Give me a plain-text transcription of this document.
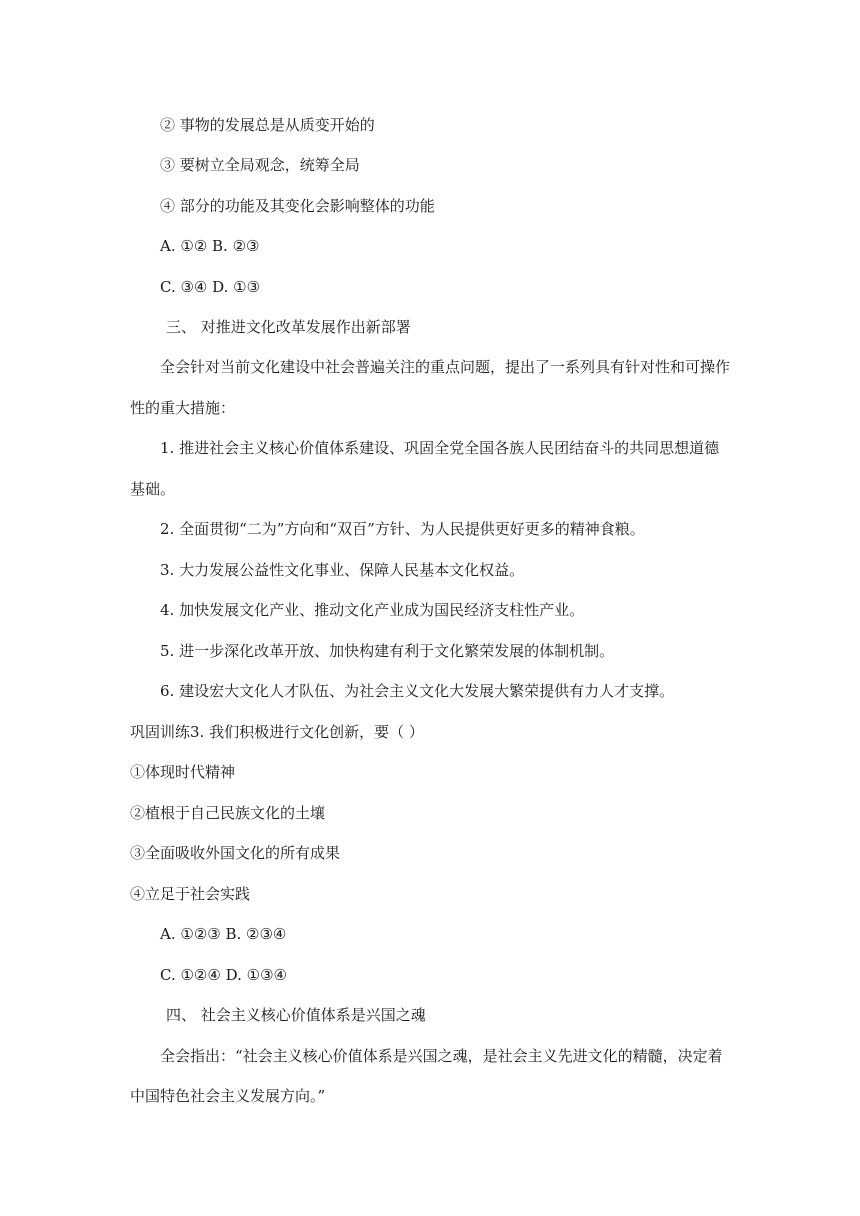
② 事物的发展总是从质变开始的
③ 要树立全局观念，统筹全局
④ 部分的功能及其变化会影响整体的功能
A. ①② B. ②③
C. ③④ D. ①③
三、 对推进文化改革发展作出新部署
全会针对当前文化建设中社会普遍关注的重点问题，提出了一系列具有针对性和可操作
性的重大措施：
1. 推进社会主义核心价值体系建设、巩固全党全国各族人民团结奋斗的共同思想道德
基础。
2. 全面贯彻“二为”方向和“双百”方针、为人民提供更好更多的精神食粮。
3. 大力发展公益性文化事业、保障人民基本文化权益。
4. 加快发展文化产业、推动文化产业成为国民经济支柱性产业。
5. 进一步深化改革开放、加快构建有利于文化繁荣发展的体制机制。
6. 建设宏大文化人才队伍、为社会主义文化大发展大繁荣提供有力人才支撑。
巩固训练3. 我们积极进行文化创新，要（ ）
①体现时代精神
②植根于自己民族文化的土壤
③全面吸收外国文化的所有成果
④立足于社会实践
A. ①②③ B. ②③④
C. ①②④ D. ①③④
四、 社会主义核心价值体系是兴国之魂
全会指出：“社会主义核心价值体系是兴国之魂，是社会主义先进文化的精髓，决定着
中国特色社会主义发展方向。”
